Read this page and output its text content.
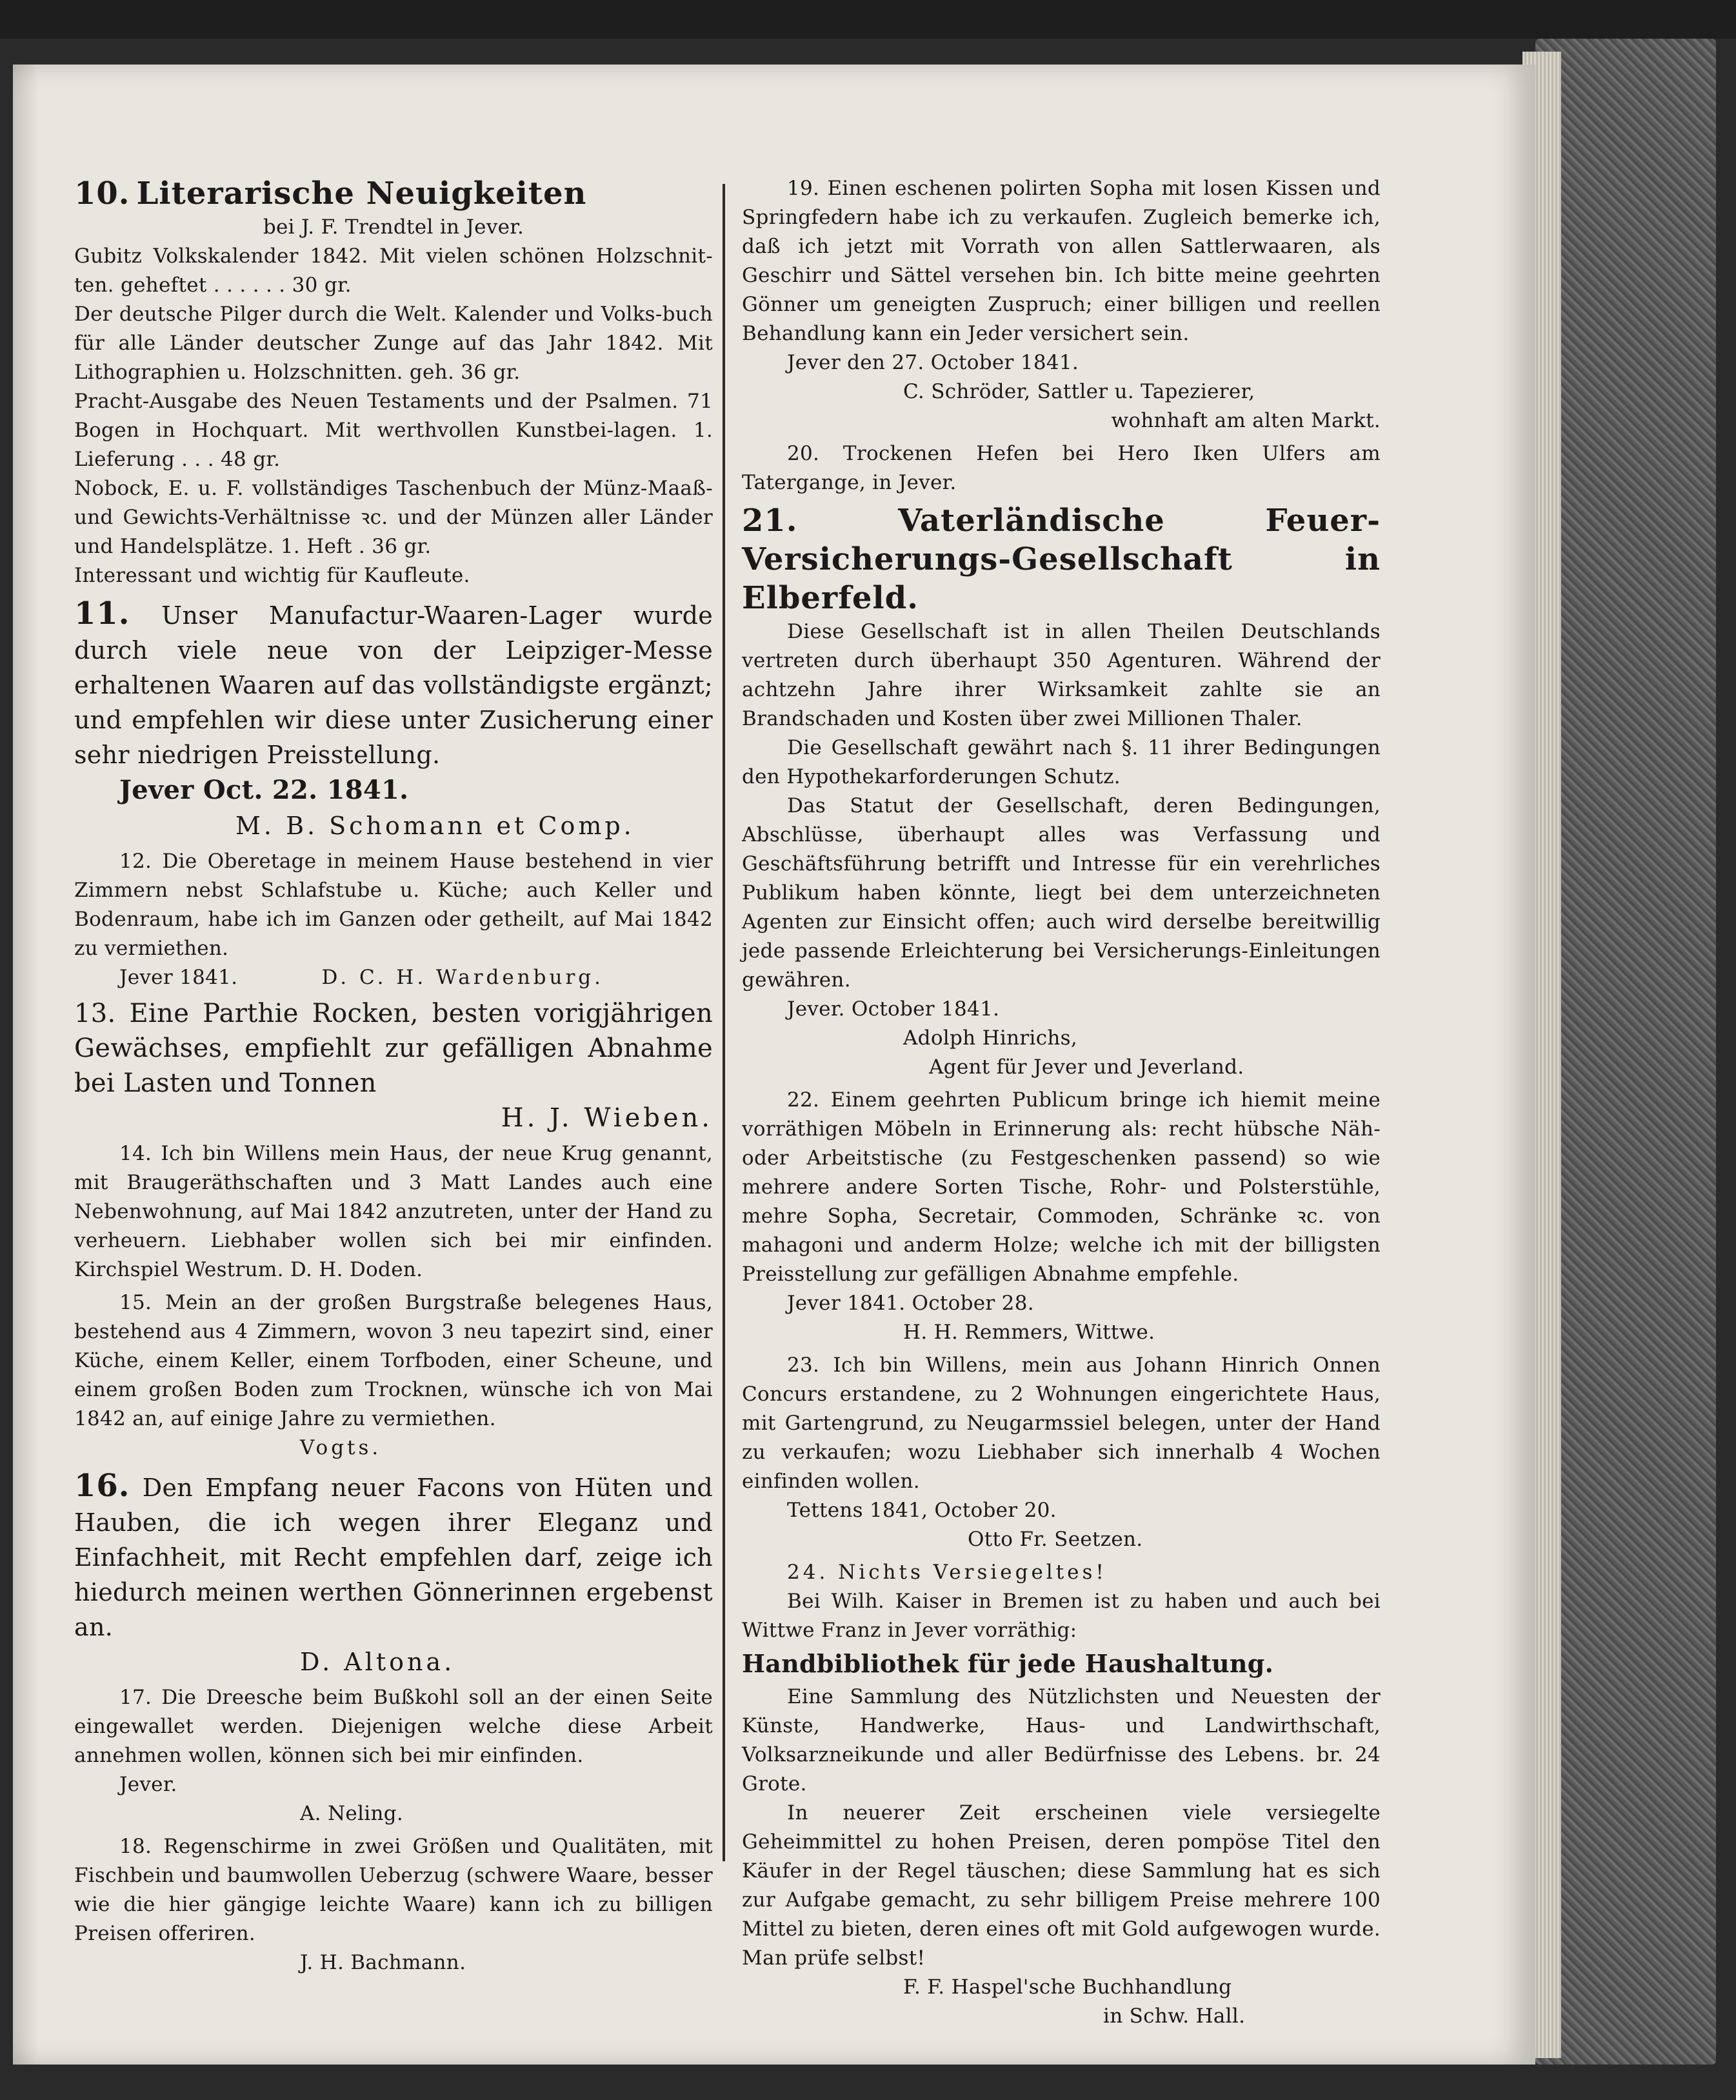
10. Literarische Neuigkeiten
bei J. F. Trendtel in Jever.
Gubitz Volkskalender 1842. Mit vielen schönen Holzschnit-ten. geheftet . . . . . . 30 gr.
Der deutsche Pilger durch die Welt. Kalender und Volks-buch für alle Länder deutscher Zunge auf das Jahr 1842. Mit Lithographien u. Holzschnitten. geh. 36 gr.
Pracht-Ausgabe des Neuen Testaments und der Psalmen. 71 Bogen in Hochquart. Mit werthvollen Kunstbei-lagen. 1. Lieferung . . . 48 gr.
Nobock, E. u. F. vollständiges Taschenbuch der Münz-Maaß- und Gewichts-Verhältnisse ꝛc. und der Münzen aller Länder und Handelsplätze. 1. Heft . 36 gr.
Interessant und wichtig für Kaufleute.
11. Unser Manufactur-Waaren-Lager wurde durch viele neue von der Leipziger-Messe erhaltenen Waaren auf das vollständigste ergänzt; und empfehlen wir diese unter Zusicherung einer sehr niedrigen Preisstellung.
Jever Oct. 22. 1841.
M. B. Schomann et Comp.
12. Die Oberetage in meinem Hause bestehend in vier Zimmern nebst Schlafstube u. Küche; auch Keller und Bodenraum, habe ich im Ganzen oder getheilt, auf Mai 1842 zu vermiethen.
Jever 1841.	D. C. H. Wardenburg.
13. Eine Parthie Rocken, besten vorigjährigen Gewächses, empfiehlt zur gefälligen Abnahme bei Lasten und Tonnen
H. J. Wieben.
14. Ich bin Willens mein Haus, der neue Krug genannt, mit Braugeräthschaften und 3 Matt Landes auch eine Nebenwohnung, auf Mai 1842 anzutreten, unter der Hand zu verheuern. Liebhaber wollen sich bei mir einfinden. Kirchspiel Westrum. D. H. Doden.
15. Mein an der großen Burgstraße belegenes Haus, bestehend aus 4 Zimmern, wovon 3 neu tapezirt sind, einer Küche, einem Keller, einem Torfboden, einer Scheune, und einem großen Boden zum Trocknen, wünsche ich von Mai 1842 an, auf einige Jahre zu vermiethen.
Vogts.
16. Den Empfang neuer Facons von Hüten und Hauben, die ich wegen ihrer Eleganz und Einfachheit, mit Recht empfehlen darf, zeige ich hiedurch meinen werthen Gönnerinnen ergebenst an.
D. Altona.
17. Die Dreesche beim Bußkohl soll an der einen Seite eingewallet werden. Diejenigen welche diese Arbeit annehmen wollen, können sich bei mir einfinden.
Jever.
A. Neling.
18. Regenschirme in zwei Größen und Qualitäten, mit Fischbein und baumwollen Ueberzug (schwere Waare, besser wie die hier gängige leichte Waare) kann ich zu billigen Preisen offeriren.
J. H. Bachmann.
19. Einen eschenen polirten Sopha mit losen Kissen und Springfedern habe ich zu verkaufen. Zugleich bemerke ich, daß ich jetzt mit Vorrath von allen Sattlerwaaren, als Geschirr und Sättel versehen bin. Ich bitte meine geehrten Gönner um geneigten Zuspruch; einer billigen und reellen Behandlung kann ein Jeder versichert sein.
Jever den 27. October 1841.
C. Schröder, Sattler u. Tapezierer,
wohnhaft am alten Markt.
20. Trockenen Hefen bei Hero Iken Ulfers am Tatergange, in Jever.
21.	Vaterländische Feuer-Versicherungs-Gesellschaft in Elberfeld.
Diese Gesellschaft ist in allen Theilen Deutschlands vertreten durch überhaupt 350 Agenturen. Während der achtzehn Jahre ihrer Wirksamkeit zahlte sie an Brandschaden und Kosten über zwei Millionen Thaler.
Die Gesellschaft gewährt nach §. 11 ihrer Bedingungen den Hypothekarforderungen Schutz.
Das Statut der Gesellschaft, deren Bedingungen, Abschlüsse, überhaupt alles was Verfassung und Geschäftsführung betrifft und Intresse für ein verehrliches Publikum haben könnte, liegt bei dem unterzeichneten Agenten zur Einsicht offen; auch wird derselbe bereitwillig jede passende Erleichterung bei Versicherungs-Einleitungen gewähren.
Jever. October 1841.
Adolph Hinrichs,
Agent für Jever und Jeverland.
22. Einem geehrten Publicum bringe ich hiemit meine vorräthigen Möbeln in Erinnerung als: recht hübsche Näh- oder Arbeitstische (zu Festgeschenken passend) so wie mehrere andere Sorten Tische, Rohr- und Polsterstühle, mehre Sopha, Secretair, Commoden, Schränke ꝛc. von mahagoni und anderm Holze; welche ich mit der billigsten Preisstellung zur gefälligen Abnahme empfehle.
Jever 1841. October 28.
H. H. Remmers, Wittwe.
23. Ich bin Willens, mein aus Johann Hinrich Onnen Concurs erstandene, zu 2 Wohnungen eingerichtete Haus, mit Gartengrund, zu Neugarmssiel belegen, unter der Hand zu verkaufen; wozu Liebhaber sich innerhalb 4 Wochen einfinden wollen.
Tettens 1841, October 20.
Otto Fr. Seetzen.
24. Nichts Versiegeltes!
Bei Wilh. Kaiser in Bremen ist zu haben und auch bei Wittwe Franz in Jever vorräthig:
Handbibliothek für jede Haushaltung.
Eine Sammlung des Nützlichsten und Neuesten der Künste, Handwerke, Haus- und Landwirthschaft, Volksarzneikunde und aller Bedürfnisse des Lebens. br. 24 Grote.
In neuerer Zeit erscheinen viele versiegelte Geheimmittel zu hohen Preisen, deren pompöse Titel den Käufer in der Regel täuschen; diese Sammlung hat es sich zur Aufgabe gemacht, zu sehr billigem Preise mehrere 100 Mittel zu bieten, deren eines oft mit Gold aufgewogen wurde. Man prüfe selbst!
F. F. Haspel'sche Buchhandlung
in Schw. Hall.
